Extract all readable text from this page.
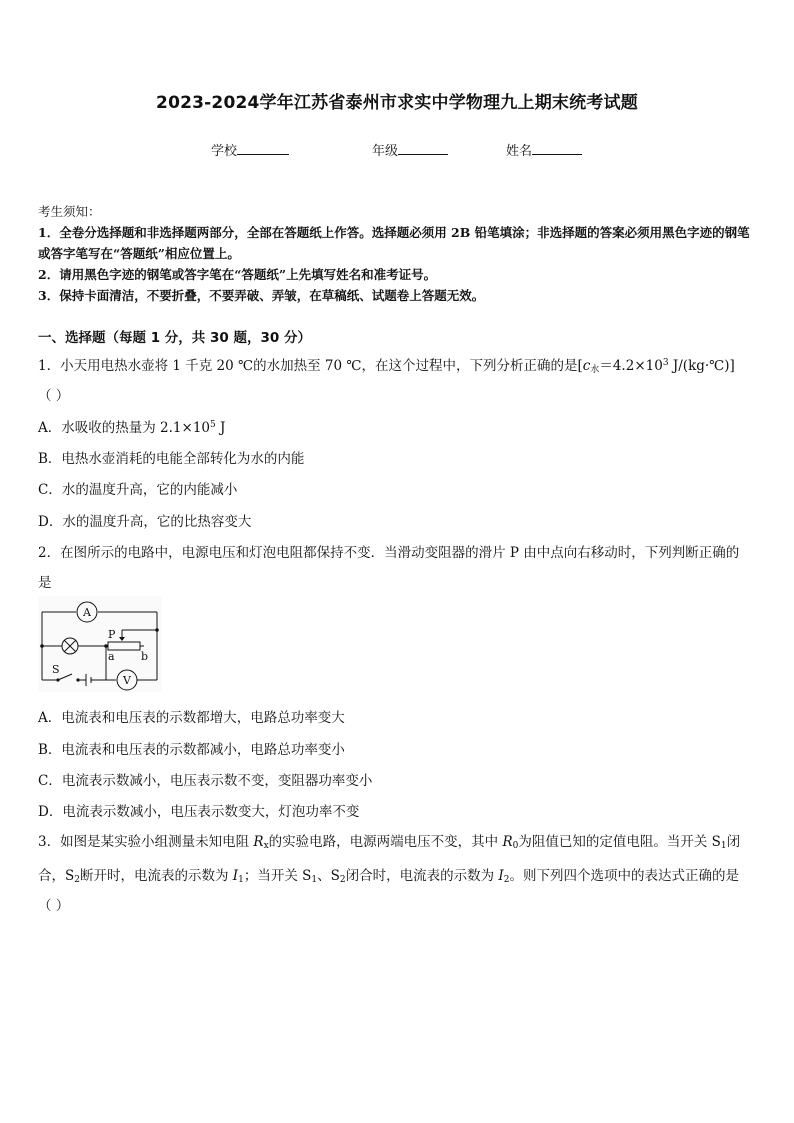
2023-2024学年江苏省泰州市求实中学物理九上期末统考试题
学校	年级	姓名
考生须知：
1．全卷分选择题和非选择题两部分，全部在答题纸上作答。选择题必须用 2B 铅笔填涂；非选择题的答案必须用黑色字迹的钢笔或答字笔写在“答题纸”相应位置上。
2．请用黑色字迹的钢笔或答字笔在“答题纸”上先填写姓名和准考证号。
3．保持卡面清洁，不要折叠，不要弄破、弄皱，在草稿纸、试题卷上答题无效。
一、选择题（每题 1 分，共 30 题，30 分）
1．小天用电热水壶将 1 千克 20 ℃的水加热至 70 ℃，在这个过程中，下列分析正确的是[$c_水=4.2\times 10^3$ J/(kg·℃)]
（ ）
A．水吸收的热量为 $2.1\times 10^5$ J
B．电热水壶消耗的电能全部转化为水的内能
C．水的温度升高，它的内能减小
D．水的温度升高，它的比热容变大
2．在图所示的电路中，电源电压和灯泡电阻都保持不变．当滑动变阻器的滑片 P 由中点向右移动时，下列判断正确的
是
A
V
P
a b
S
A．电流表和电压表的示数都增大，电路总功率变大
B．电流表和电压表的示数都减小，电路总功率变小
C．电流表示数减小，电压表示数不变，变阻器功率变小
D．电流表示数减小，电压表示数变大，灯泡功率不变
3．如图是某实验小组测量未知电阻 $R_x$的实验电路，电源两端电压不变，其中 $R_0$为阻值已知的定值电阻。当开关 $S_1$闭合，$S_2$断开时，电流表的示数为 $I_1$；当开关 $S_1$、$S_2$闭合时，电流表的示数为 $I_2$。则下列四个选项中的表达式正确的是
（ ）
